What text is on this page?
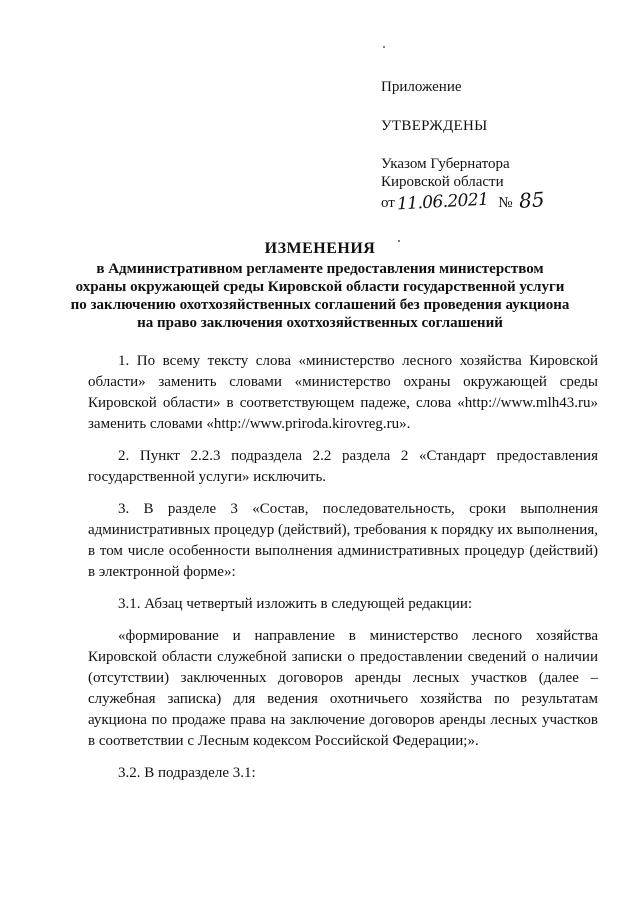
Приложение

УТВЕРЖДЕНЫ

Указом Губернатора

Кировской области

от 11.06.2021 № 85

ИЗМЕНЕНИЯ

в Административном регламенте предоставления министерством

охраны окружающей среды Кировской области государственной услуги

по заключению охотхозяйственных соглашений без проведения аукциона

на право заключения охотхозяйственных соглашений

1. По всему тексту слова «министерство лесного хозяйства Кировской области» заменить словами «министерство охраны окружающей среды Кировской области» в соответствующем падеже, слова «http://www.mlh43.ru» заменить словами «http://www.priroda.kirovreg.ru».

2. Пункт 2.2.3 подраздела 2.2 раздела 2 «Стандарт предоставления государственной услуги» исключить.

3. В разделе 3 «Состав, последовательность, сроки выполнения административных процедур (действий), требования к порядку их выполнения, в том числе особенности выполнения административных процедур (действий) в электронной форме»:

3.1. Абзац четвертый изложить в следующей редакции:

«формирование и направление в министерство лесного хозяйства Кировской области служебной записки о предоставлении сведений о наличии (отсутствии) заключенных договоров аренды лесных участков (далее – служебная записка) для ведения охотничьего хозяйства по результатам аукциона по продаже права на заключение договоров аренды лесных участков в соответствии с Лесным кодексом Российской Федерации;».

3.2. В подразделе 3.1:
